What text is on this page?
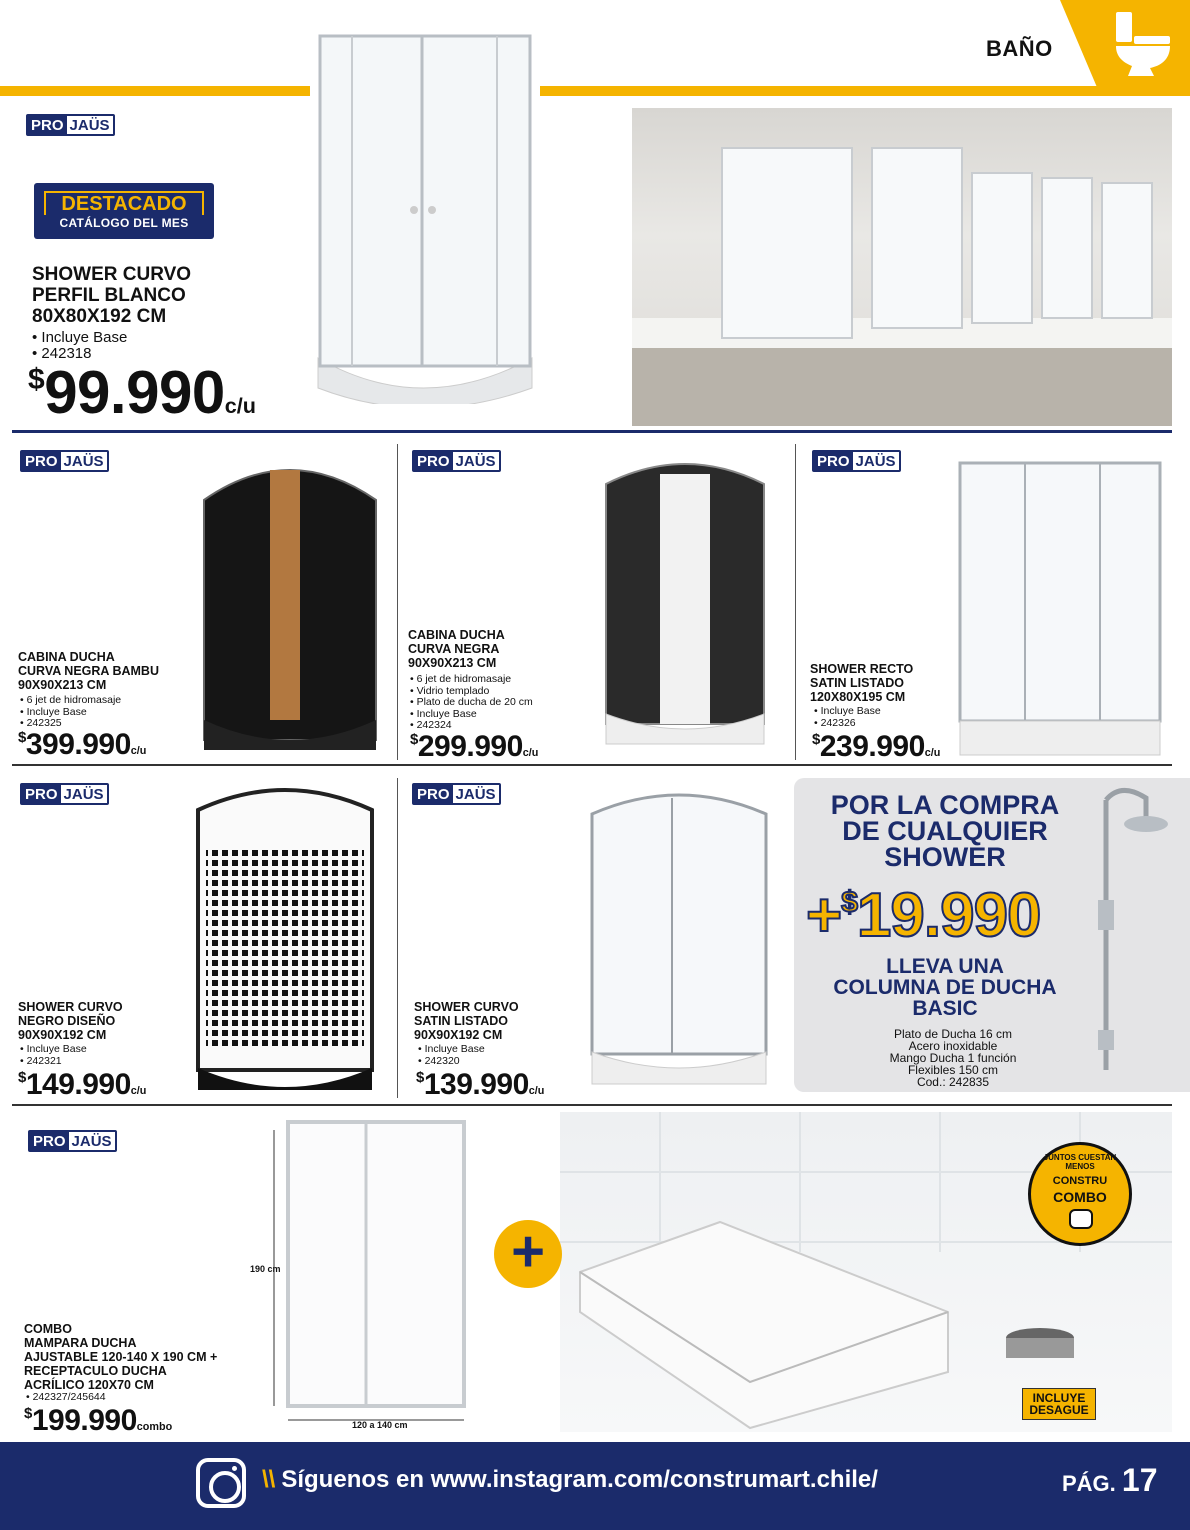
BAÑO
PRO JAÜS
DESTACADO
CATÁLOGO DEL MES
SHOWER CURVO
PERFIL BLANCO
80X80X192 CM
• Incluye Base
• 242318
$99.990c/u
PRO JAÜS
CABINA DUCHA
CURVA NEGRA BAMBU
90X90X213 CM
• 6 jet de hidromasaje
• Incluye Base
• 242325
$399.990c/u
PRO JAÜS
CABINA DUCHA
CURVA NEGRA
90X90X213 CM
• 6 jet de hidromasaje
• Vidrio templado
• Plato de ducha de 20 cm
• Incluye Base
• 242324
$299.990c/u
PRO JAÜS
SHOWER RECTO
SATIN LISTADO
120X80X195 CM
• Incluye Base
• 242326
$239.990c/u
PRO JAÜS
SHOWER CURVO
NEGRO DISEÑO
90X90X192 CM
• Incluye Base
• 242321
$149.990c/u
PRO JAÜS
SHOWER CURVO
SATIN LISTADO
90X90X192 CM
• Incluye Base
• 242320
$139.990c/u
POR LA COMPRA
DE CUALQUIER
SHOWER
+$19.990
LLEVA UNA
COLUMNA DE DUCHA
BASIC
Plato de Ducha 16 cm
Acero inoxidable
Mango Ducha 1 función
Flexibles 150 cm
Cod.: 242835
PRO JAÜS
190 cm
120 a 140 cm
+
JUNTOS CUESTAN MENOS
CONSTRU
COMBO
INCLUYE
DESAGUE
COMBO
MAMPARA DUCHA
AJUSTABLE 120-140 X 190 CM +
RECEPTACULO DUCHA
ACRÍLICO 120X70 CM
• 242327/245644
$199.990combo
\\ Síguenos en www.instagram.com/construmart.chile/	PÁG. 17
